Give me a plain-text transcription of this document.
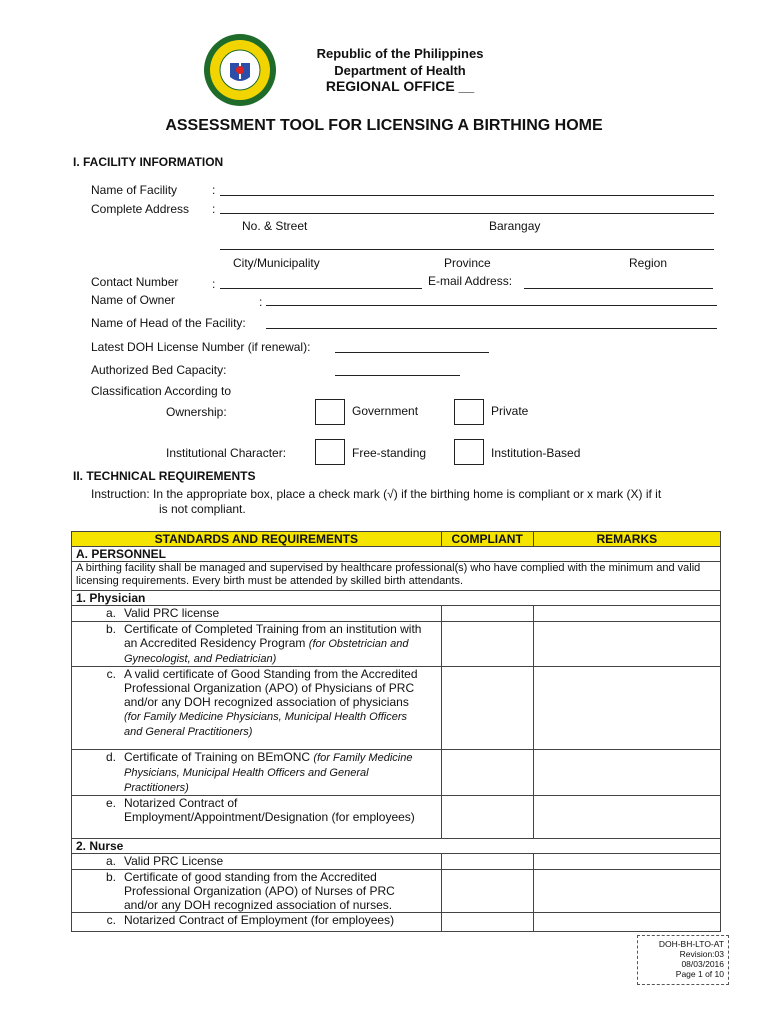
Republic of the Philippines
Department of Health
REGIONAL OFFICE __
ASSESSMENT TOOL FOR LICENSING A BIRTHING HOME
I. FACILITY INFORMATION
Name of Facility	:
Complete Address :
No. & Street	Barangay
City/Municipality	Province	Region
Contact Number	:	E-mail Address:
Name of Owner	:
Name of Head of the Facility:
Latest DOH License Number (if renewal):
Authorized Bed Capacity:
Classification According to
Ownership:	Government	Private
Institutional Character:	Free-standing	Institution-Based
II. TECHNICAL REQUIREMENTS
Instruction: In the appropriate box, place a check mark (√) if the birthing home is compliant or x mark (X) if it
is not compliant.
STANDARDS AND REQUIREMENTS	COMPLIANT	REMARKS
A. PERSONNEL		
A birthing facility shall be managed and supervised by healthcare professional(s) who have complied with the minimum and valid licensing requirements. Every birth must be attended by skilled birth attendants.		
1. Physician		
a. Valid PRC license		
b. Certificate of Completed Training from an institution with an Accredited Residency Program (for Obstetrician and Gynecologist, and Pediatrician)		
c. A valid certificate of Good Standing from the Accredited Professional Organization (APO) of Physicians of PRC and/or any DOH recognized association of physicians (for Family Medicine Physicians, Municipal Health Officers and General Practitioners)		
d. Certificate of Training on BEmONC (for Family Medicine Physicians, Municipal Health Officers and General Practitioners)		
e. Notarized Contract of Employment/Appointment/Designation (for employees)		
2. Nurse		
a. Valid PRC License		
b. Certificate of good standing from the Accredited Professional Organization (APO) of Nurses of PRC and/or any DOH recognized association of nurses.		
c. Notarized Contract of Employment (for employees)		
DOH-BH-LTO-AT
Revision:03
08/03/2016
Page 1 of 10
